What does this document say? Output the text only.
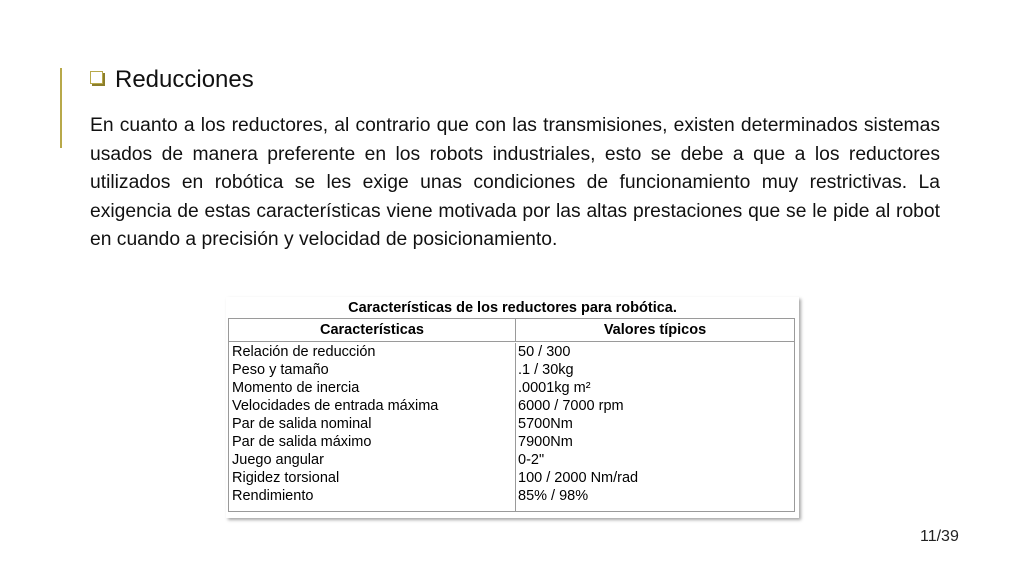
Reducciones
En cuanto a los reductores, al contrario que con las transmisiones, existen determinados sistemas usados de manera preferente en los robots industriales, esto se debe a que a los reductores utilizados en robótica se les exige unas condiciones de funcionamiento muy restrictivas. La exigencia de estas características viene motivada por las altas prestaciones que se le pide al robot en cuando a precisión y velocidad de posicionamiento.
Características de los reductores para robótica.
Características	Valores típicos
Relación de reducción	50 / 300
Peso y tamaño	.1 / 30kg
Momento de inercia	.0001kg m²
Velocidades de entrada máxima	6000 / 7000 rpm
Par de salida nominal	5700Nm
Par de salida máximo	7900Nm
Juego angular	0-2"
Rigidez torsional	100 / 2000 Nm/rad
Rendimiento	85% / 98%
11/39
